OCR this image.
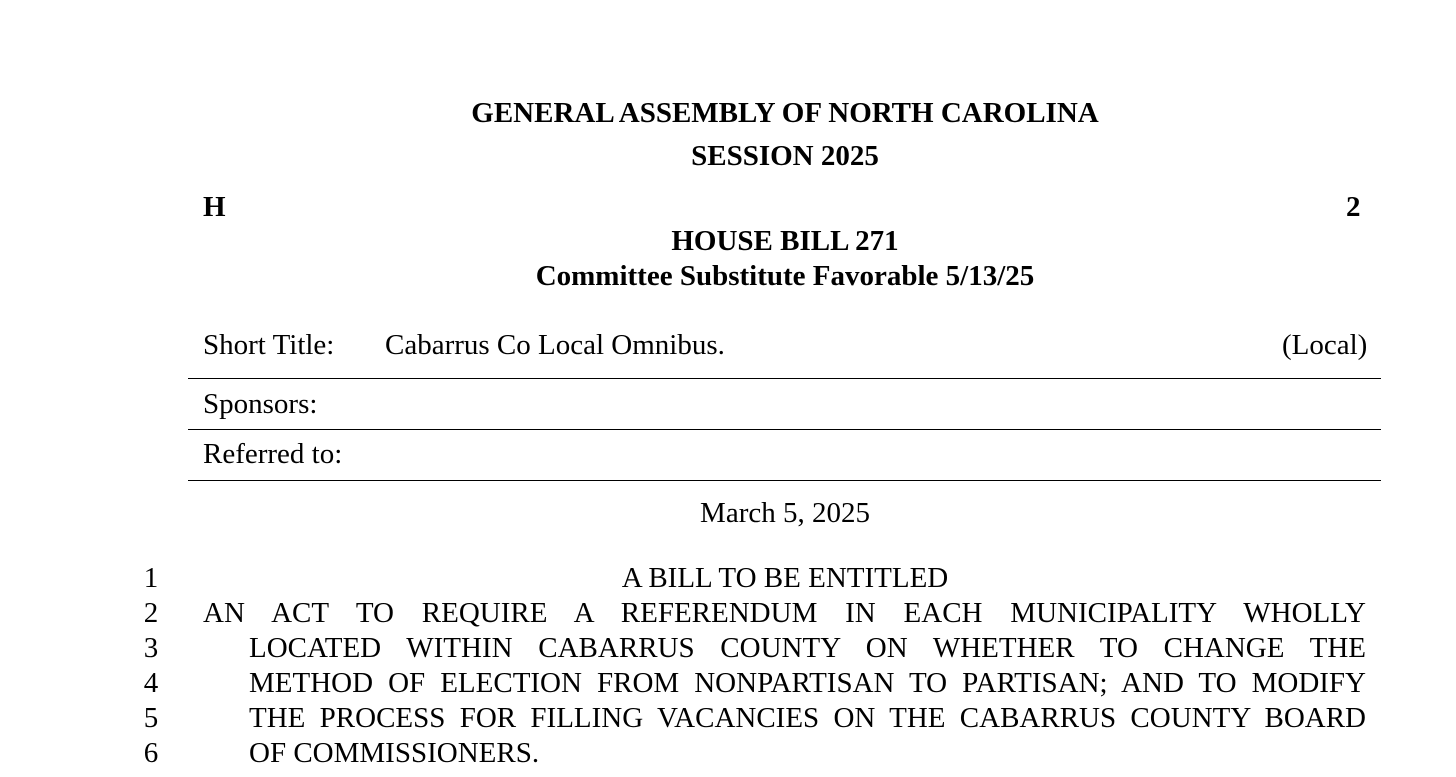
GENERAL ASSEMBLY OF NORTH CAROLINA
SESSION 2025
H	2
HOUSE BILL 271
Committee Substitute Favorable 5/13/25
Short Title: Cabarrus Co Local Omnibus.	(Local)
Sponsors:
Referred to:
March 5, 2025
1
2
3
4
5
6
A BILL TO BE ENTITLED
AN ACT TO REQUIRE A REFERENDUM IN EACH MUNICIPALITY WHOLLY
LOCATED WITHIN CABARRUS COUNTY ON WHETHER TO CHANGE THE
METHOD OF ELECTION FROM NONPARTISAN TO PARTISAN; AND TO MODIFY
THE PROCESS FOR FILLING VACANCIES ON THE CABARRUS COUNTY BOARD
OF COMMISSIONERS.
